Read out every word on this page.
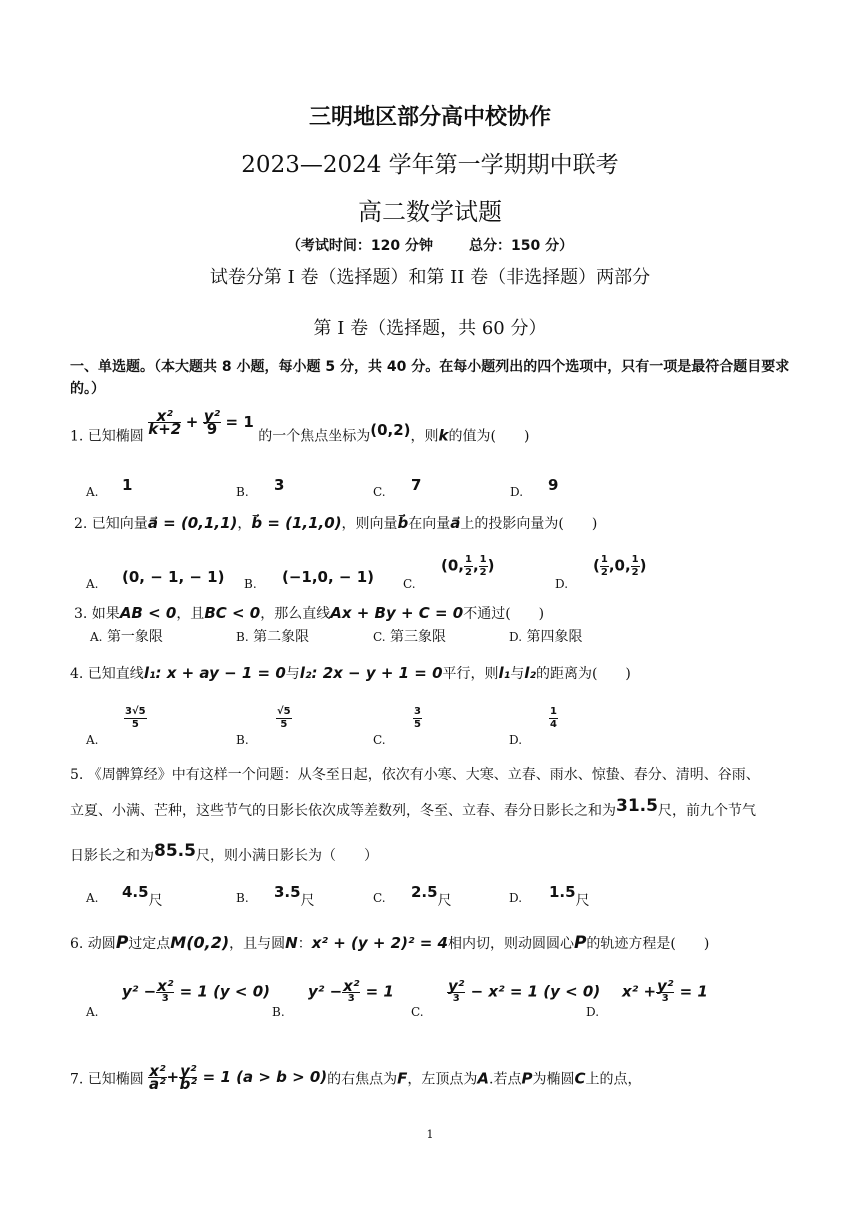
三明地区部分高中校协作
2023—2024 学年第一学期期中联考
高二数学试题
（考试时间：120 分钟	总分：150 分）
试卷分第 I 卷（选择题）和第 II 卷（非选择题）两部分
第 I 卷（选择题，共 60 分）
一、单选题。（本大题共 8 小题，每小题 5 分，共 40 分。在每小题列出的四个选项中，只有一项是最符合题目要求的。）
1. 已知椭圆
$\frac{\text{x²}}{k+2} + \frac{\text{y²}}{9} = 1$ 的一个焦点坐标为(0,2)，则k的值为(　　)
A. 1	B. 3	C. 7	D. 9
2. 已知向量a⃗ = (0,1,1)，b⃗ = (1,1,0)，则向量b⃗在向量a⃗上的投影向量为(　　)
A. (0, − 1, − 1) B. (−1,0, − 1) C.
(0, $\frac{1}{2}$ , $\frac{1}{2}$ )
D.
( $\frac{1}{2} ,0$, $\frac{1}{2}$ )
3. 如果AB < 0，且BC < 0，那么直线Ax + By + C = 0不通过(　　)
A. 第一象限	B. 第二象限	C. 第三象限	D. 第四象限
4. 已知直线l₁: x + ay − 1 = 0与l₂: 2x − y + 1 = 0平行，则l₁与l₂的距离为(　　)
A.
3√5
5
B.
√5
5
C.
3
5
D.
1
4
5. 《周髀算经》中有这样一个问题：从冬至日起，依次有小寒、大寒、立春、雨水、惊蛰、春分、清明、谷雨、
立夏、小满、芒种，这些节气的日影长依次成等差数列，冬至、立春、春分日影长之和为31.5尺，前九个节气
日影长之和为85.5尺，则小满日影长为（　　）
A. 4.5尺	B. 3.5尺	C. 2.5尺	D. 1.5尺
6. 动圆P过定点M(0,2)，且与圆N：x² + (y + 2)² = 4相内切，则动圆圆心P的轨迹方程是(　　)
A.
$y^2 - \frac{\text{x²}}{3} = 1$ (y < 0)
B.
$y^2 - \frac{\text{x²}}{3} = 1$
C.
$\frac{\text{y²}}{3} - x^2 = 1$ (y < 0)
D.
$x^2 + \frac{\text{y²}}{3} = 1$
7. 已知椭圆 $\frac{\text{x²}}{\text{a²}} + \frac{\text{y²}}{\text{b²}} = 1$ (a > b > 0)的右焦点为F，左顶点为A.若点P为椭圆C上的点，
1
